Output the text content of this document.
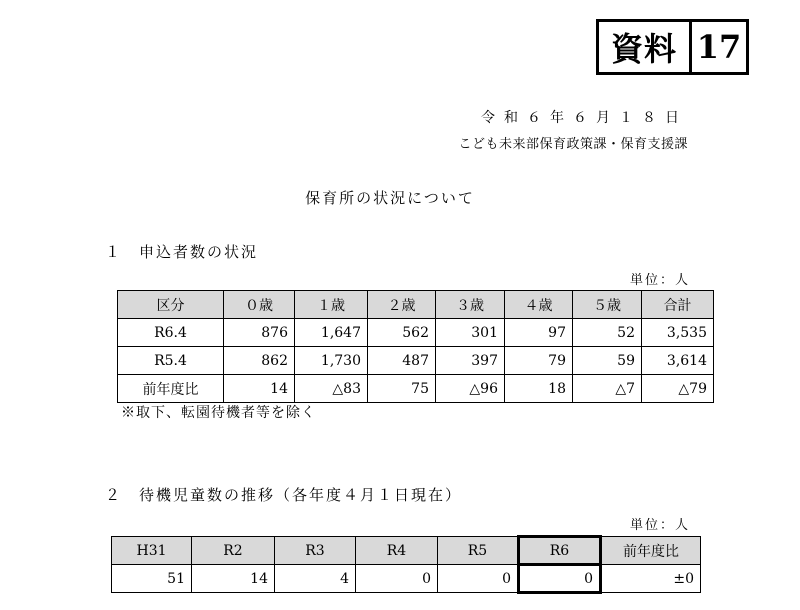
資料 17
令和６年６月１８日
こども未来部保育政策課・保育支援課
保育所の状況について
１　申込者数の状況
単位：人
区分	０歳	１歳	２歳	３歳	４歳	５歳	合計
R6.4	876	1,647	562	301	97	52	3,535
R5.4	862	1,730	487	397	79	59	3,614
前年度比	14	△83	75	△96	18	△7	△79
※取下、転園待機者等を除く
２　待機児童数の推移（各年度４月１日現在）
単位：人
H31	R2	R3	R4	R5	R6	前年度比
51	14	4	0	0	0	±0
